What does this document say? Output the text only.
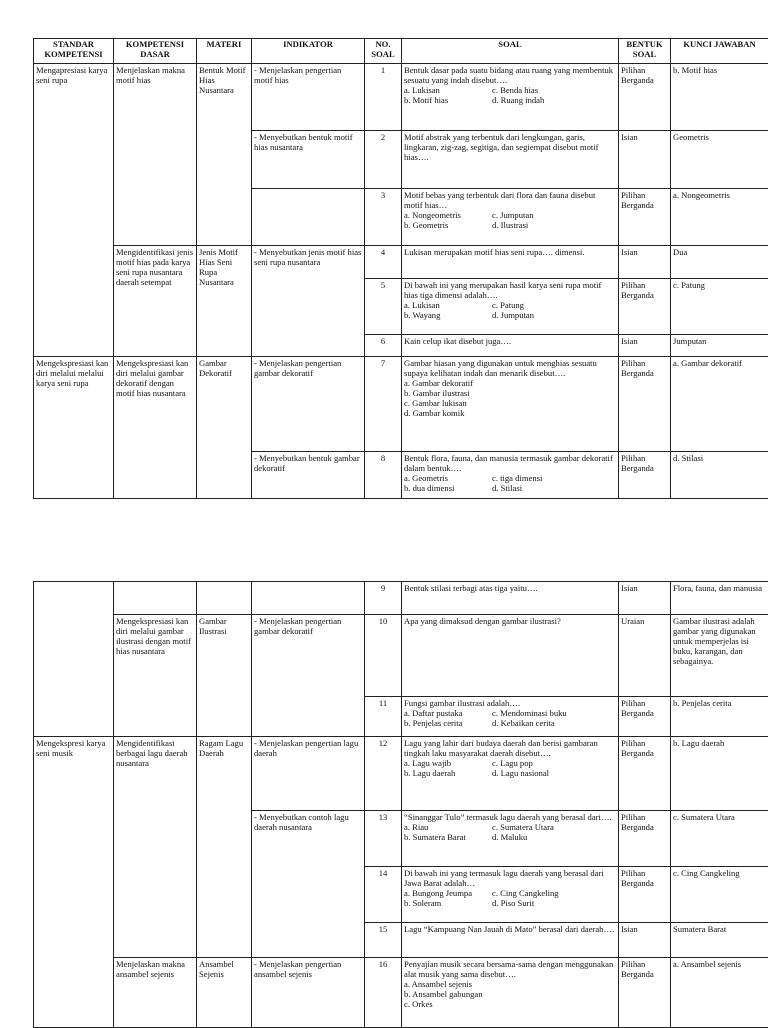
STANDAR KOMPETENSI	KOMPETENSI DASAR	MATERI	INDIKATOR	NO. SOAL	SOAL	BENTUK SOAL	KUNCI JAWABAN
Mengapresiasi karya seni rupa	Menjelaskan makna motif hias	Bentuk Motif Hias Nusantara	- Menjelaskan pengertian motif hias	1	Bentuk dasar pada suatu bidang atau ruang yang membentuk sesuatu yang indah disebut….
a. Lukisan c. Benda hias
b. Motif hias d. Ruang indah	Pilihan Berganda	b. Motif hias
			- Menyebutkan bentuk motif hias nusantara	2	Motif abstrak yang terbentuk dari lengkungan, garis, lingkaran, zig-zag, segitiga, dan segiempat disebut motif hias….	Isian	Geometris
				3	Motif bebas yang terbentuk dari flora dan fauna disebut motif hias…
a. Nongeometris c. Jumputan
b. Geometris d. Ilustrasi	Pilihan Berganda	a. Nongeometris
	Mengidentifikasi jenis motif hias pada karya seni rupa nusantara daerah setempat	Jenis Motif Hias Seni Rupa Nusantara	- Menyebutkan jenis motif hias seni rupa nusantara	4	Lukisan merupakan motif hias seni rupa…. dimensi.	Isian	Dua
				5	Di bawah ini yang merupakan hasil karya seni rupa motif hias tiga dimensi adalah….
a. Lukisan c. Patung
b. Wayang d. Jumputan	Pilihan Berganda	c. Patung
				6	Kain celup ikat disebut juga….	Isian	Jumputan
Mengekspresiasi kan diri melalui melalui karya seni rupa	Mengekspresiasi kan diri melalui gambar dekoratif dengan motif hias nusantara	Gambar Dekoratif	- Menjelaskan pengertian gambar dekoratif	7	Gambar hiasan yang digunakan untuk menghias sesuatu supaya kelihatan indah dan menarik disebut….
a. Gambar dekoratif
b. Gambar ilustrasi
c. Gambar lukisan
d. Gambar komik	Pilihan Berganda	a. Gambar dekoratif
			- Menyebutkan bentuk gambar dekoratif	8	Bentuk flora, fauna, dan manusia termasuk gambar dekoratif dalam bentuk….
a. Geometris c. tiga dimensi
b. dua dimensi d. Stilasi	Pilihan Berganda	d. Stilasi
				9	Bentuk stilasi terbagi atas tiga yaitu….	Isian	Flora, fauna, dan manusia
	Mengekspresiasi kan diri melalui gambar ilustrasi dengan motif hias nusantara	Gambar Ilustrasi	- Menjelaskan pengertian gambar dekoratif	10	Apa yang dimaksud dengan gambar ilustrasi?	Uraian	Gambar ilustrasi adalah gambar yang digunakan untuk memperjelas isi buku, karangan, dan sebagainya.
				11	Fungsi gambar ilustrasi adalah….
a. Daftar pustaka c. Mendominasi buku
b. Penjelas cerita d. Kebaikan cerita	Pilihan Berganda	b. Penjelas cerita
Mengekspresi karya seni musik	Mengidentifikasi berbagai lagu daerah nusantara	Ragam Lagu Daerah	- Menjelaskan pengertian lagu daerah	12	Lagu yang lahir dari budaya daerah dan berisi gambaran tingkah laku masyarakat daerah disebut….
a. Lagu wajib c. Lagu pop
b. Lagu daerah d. Lagu nasional	Pilihan Berganda	b. Lagu daerah
			- Menyebutkan contoh lagu daerah nusantara	13	“Sinanggar Tulo” termasuk lagu daerah yang berasal dari….
a. Riau c. Sumatera Utara
b. Sumatera Barat d. Maluku	Pilihan Berganda	c. Sumatera Utara
				14	Di bawah ini yang termasuk lagu daerah yang berasal dari Jawa Barat adalah…
a. Bungong Jeumpa c. Cing Cangkeling
b. Soleram d. Piso Surit	Pilihan Berganda	c. Cing Cangkeling
				15	Lagu “Kampuang Nan Jauah di Mato” berasal dari daerah….	Isian	Sumatera Barat
	Menjelaskan makna ansambel sejenis	Ansambel Sejenis	- Menjelaskan pengertian ansambel sejenis	16	Penyajian musik secara bersama-sama dengan menggunakan alat musik yang sama disebut….
a. Ansambel sejenis
b. Ansambel gabungan
c. Orkes	Pilihan Berganda	a. Ansambel sejenis
